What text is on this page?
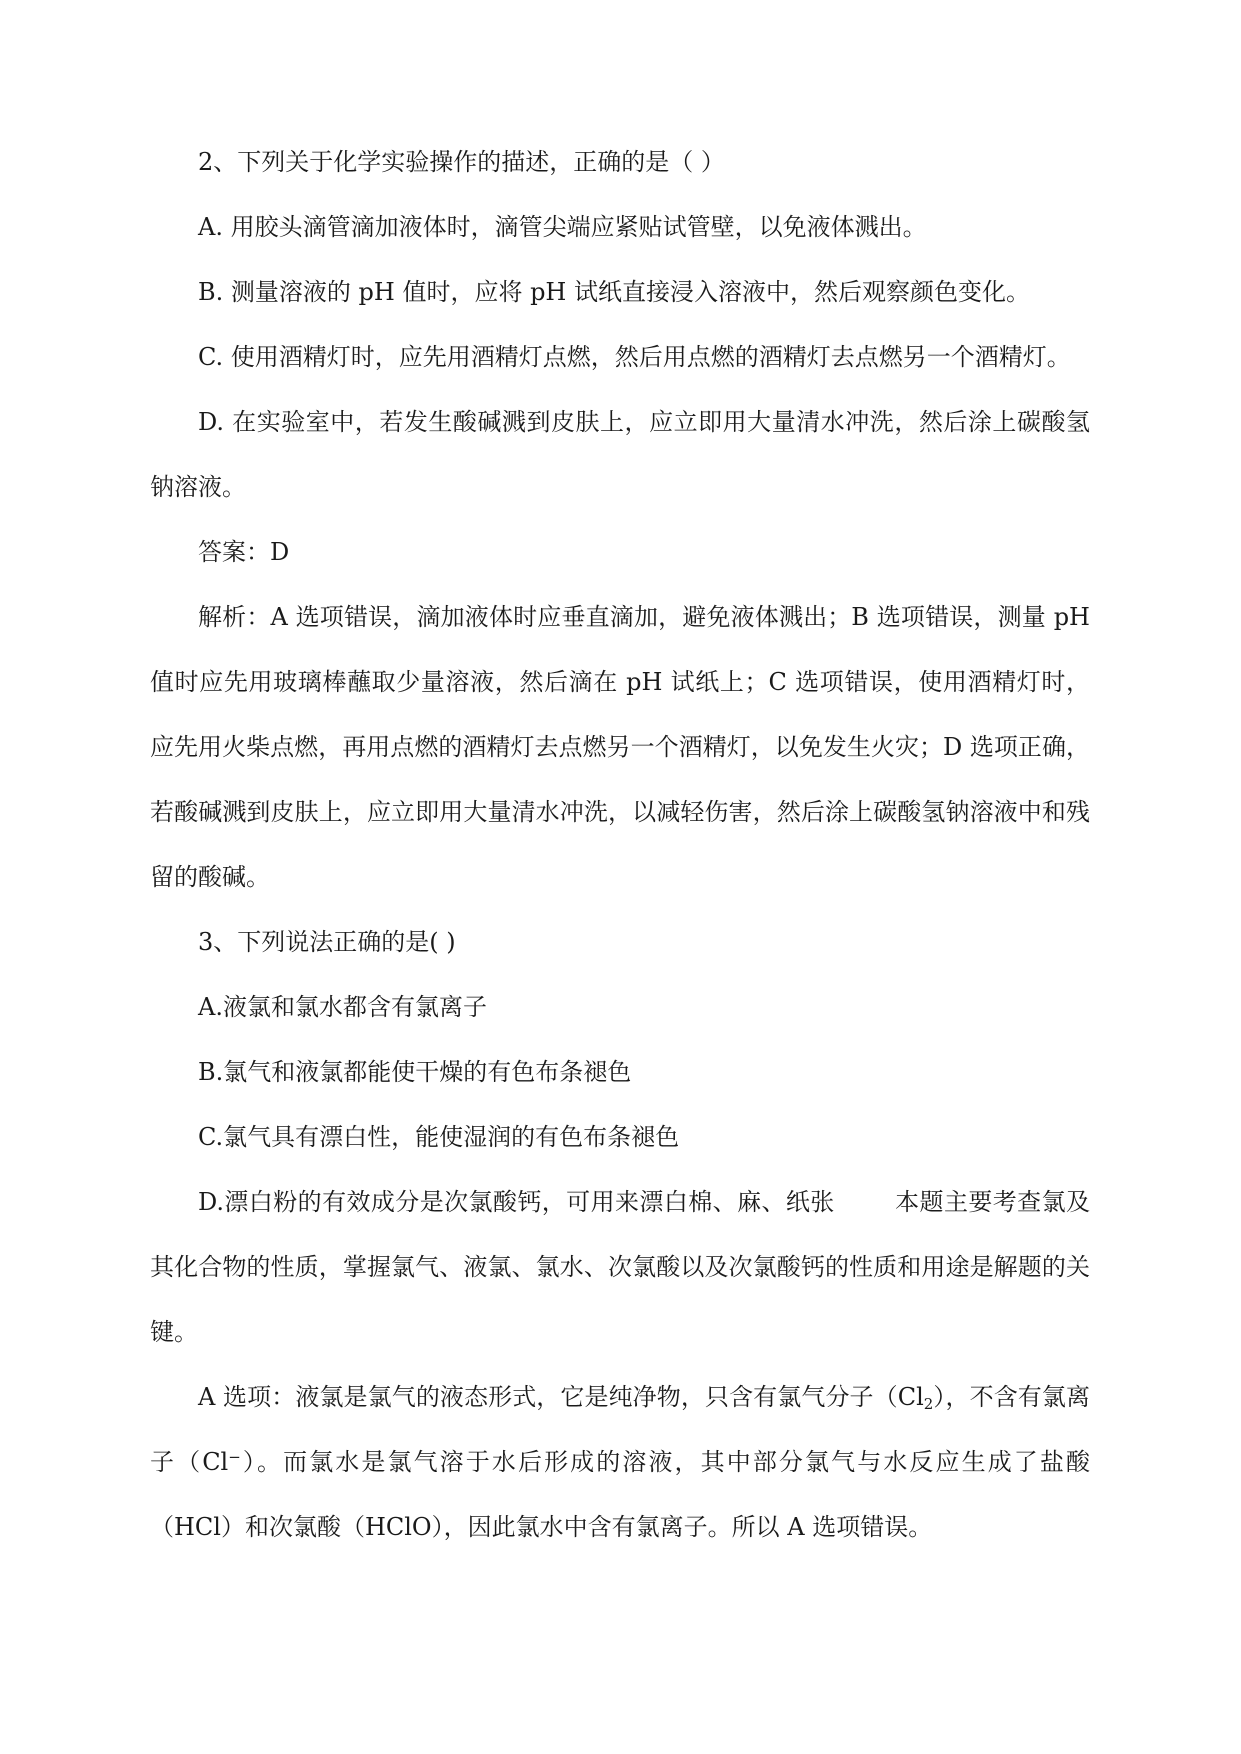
2、下列关于化学实验操作的描述，正确的是（ ）

A. 用胶头滴管滴加液体时，滴管尖端应紧贴试管壁，以免液体溅出。

B. 测量溶液的 pH 值时，应将 pH 试纸直接浸入溶液中，然后观察颜色变化。

C. 使用酒精灯时，应先用酒精灯点燃，然后用点燃的酒精灯去点燃另一个酒精灯。

D. 在实验室中，若发生酸碱溅到皮肤上，应立即用大量清水冲洗，然后涂上碳酸氢钠溶液。

答案：D

解析：A 选项错误，滴加液体时应垂直滴加，避免液体溅出；B 选项错误，测量 pH 值时应先用玻璃棒蘸取少量溶液，然后滴在 pH 试纸上；C 选项错误，使用酒精灯时，应先用火柴点燃，再用点燃的酒精灯去点燃另一个酒精灯，以免发生火灾；D 选项正确，若酸碱溅到皮肤上，应立即用大量清水冲洗，以减轻伤害，然后涂上碳酸氢钠溶液中和残留的酸碱。

3、下列说法正确的是( )

A.液氯和氯水都含有氯离子

B.氯气和液氯都能使干燥的有色布条褪色

C.氯气具有漂白性，能使湿润的有色布条褪色

D.漂白粉的有效成分是次氯酸钙，可用来漂白棉、麻、纸张	本题主要考查氯及其化合物的性质，掌握氯气、液氯、氯水、次氯酸以及次氯酸钙的性质和用途是解题的关键。

A 选项：液氯是氯气的液态形式，它是纯净物，只含有氯气分子$(Cl_2)$，不含有氯离子（Cl−）。而氯水是氯气溶于水后形成的溶液，其中部分氯气与水反应生成了盐酸（HCl）和次氯酸（HClO），因此氯水中含有氯离子。所以 A 选项错误。
